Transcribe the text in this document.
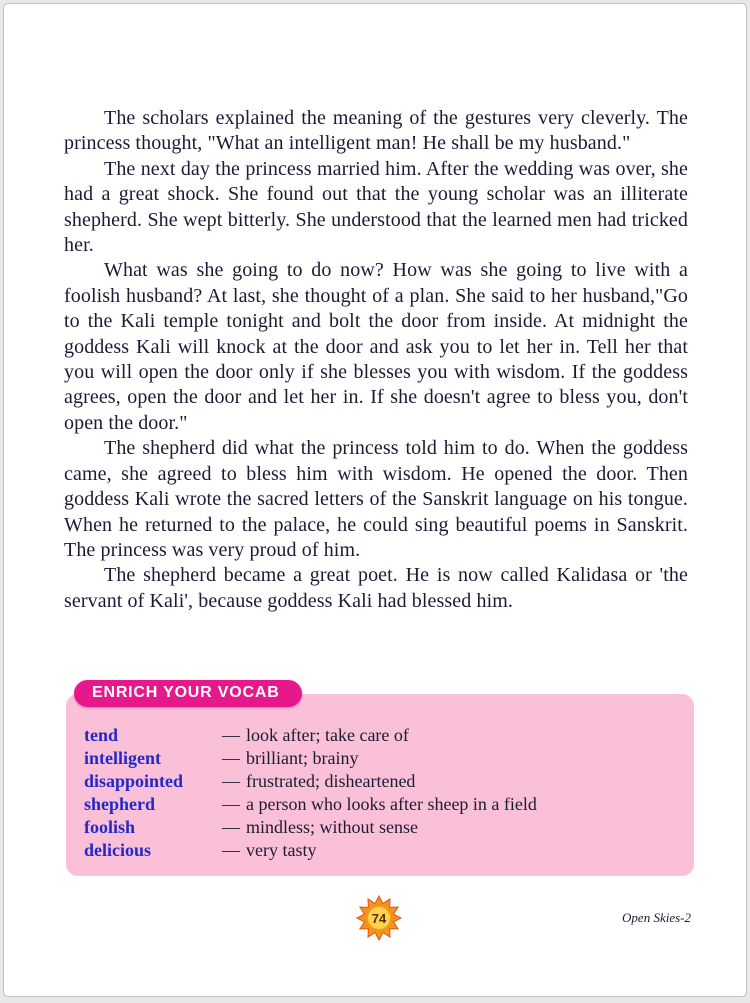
The scholars explained the meaning of the gestures very cleverly. The princess thought, "What an intelligent man! He shall be my husband."

The next day the princess married him. After the wedding was over, she had a great shock. She found out that the young scholar was an illiterate shepherd. She wept bitterly. She understood that the learned men had tricked her.

What was she going to do now? How was she going to live with a foolish husband? At last, she thought of a plan. She said to her husband,"Go to the Kali temple tonight and bolt the door from inside. At midnight the goddess Kali will knock at the door and ask you to let her in. Tell her that you will open the door only if she blesses you with wisdom. If the goddess agrees, open the door and let her in. If she doesn't agree to bless you, don't open the door."

The shepherd did what the princess told him to do. When the goddess came, she agreed to bless him with wisdom. He opened the door. Then goddess Kali wrote the sacred letters of the Sanskrit language on his tongue. When he returned to the palace, he could sing beautiful poems in Sanskrit. The princess was very proud of him.

The shepherd became a great poet. He is now called Kalidasa or 'the servant of Kali', because goddess Kali had blessed him.

ENRICH YOUR VOCAB
tend	— look after; take care of
intelligent	— brilliant; brainy
disappointed	— frustrated; disheartened
shepherd	— a person who looks after sheep in a field
foolish	— mindless; without sense
delicious	— very tasty
74	Open Skies-2
